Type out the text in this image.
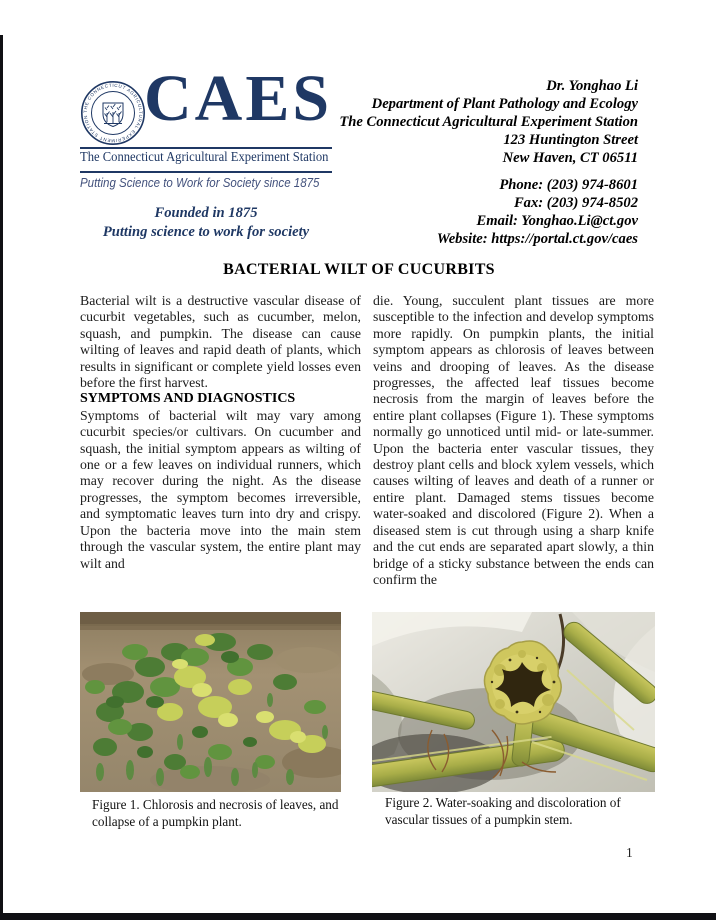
THE CONNECTICUT AGRICULTURAL EXPERIMENT STATION CAES
The Connecticut Agricultural Experiment Station
Putting Science to Work for Society since 1875
Founded in 1875
Putting science to work for society
Dr. Yonghao Li
Department of Plant Pathology and Ecology
The Connecticut Agricultural Experiment Station
123 Huntington Street
New Haven, CT 06511
Phone: (203) 974-8601
Fax: (203) 974-8502
Email: Yonghao.Li@ct.gov
Website: https://portal.ct.gov/caes
BACTERIAL WILT OF CUCURBITS

Bacterial wilt is a destructive vascular disease of cucurbit vegetables, such as cucumber, melon, squash, and pumpkin. The disease can cause wilting of leaves and rapid death of plants, which results in significant or complete yield losses even before the first harvest.

SYMPTOMS AND DIAGNOSTICS

Symptoms of bacterial wilt may vary among cucurbit species/or cultivars. On cucumber and squash, the initial symptom appears as wilting of one or a few leaves on individual runners, which may recover during the night. As the disease progresses, the symptom becomes irreversible, and symptomatic leaves turn into dry and crispy. Upon the bacteria move into the main stem through the vascular system, the entire plant may wilt and

die. Young, succulent plant tissues are more susceptible to the infection and develop symptoms more rapidly. On pumpkin plants, the initial symptom appears as chlorosis of leaves between veins and drooping of leaves. As the disease progresses, the affected leaf tissues become necrosis from the margin of leaves before the entire plant collapses (Figure 1). These symptoms normally go unnoticed until mid- or late-summer. Upon the bacteria enter vascular tissues, they destroy plant cells and block xylem vessels, which causes wilting of leaves and death of a runner or entire plant. Damaged stems tissues become water-soaked and discolored (Figure 2). When a diseased stem is cut through using a sharp knife and the cut ends are separated apart slowly, a thin bridge of a sticky substance between the ends can confirm the

Figure 1. Chlorosis and necrosis of leaves, and collapse of a pumpkin plant.
Figure 2. Water-soaking and discoloration of vascular tissues of a pumpkin stem.
1
